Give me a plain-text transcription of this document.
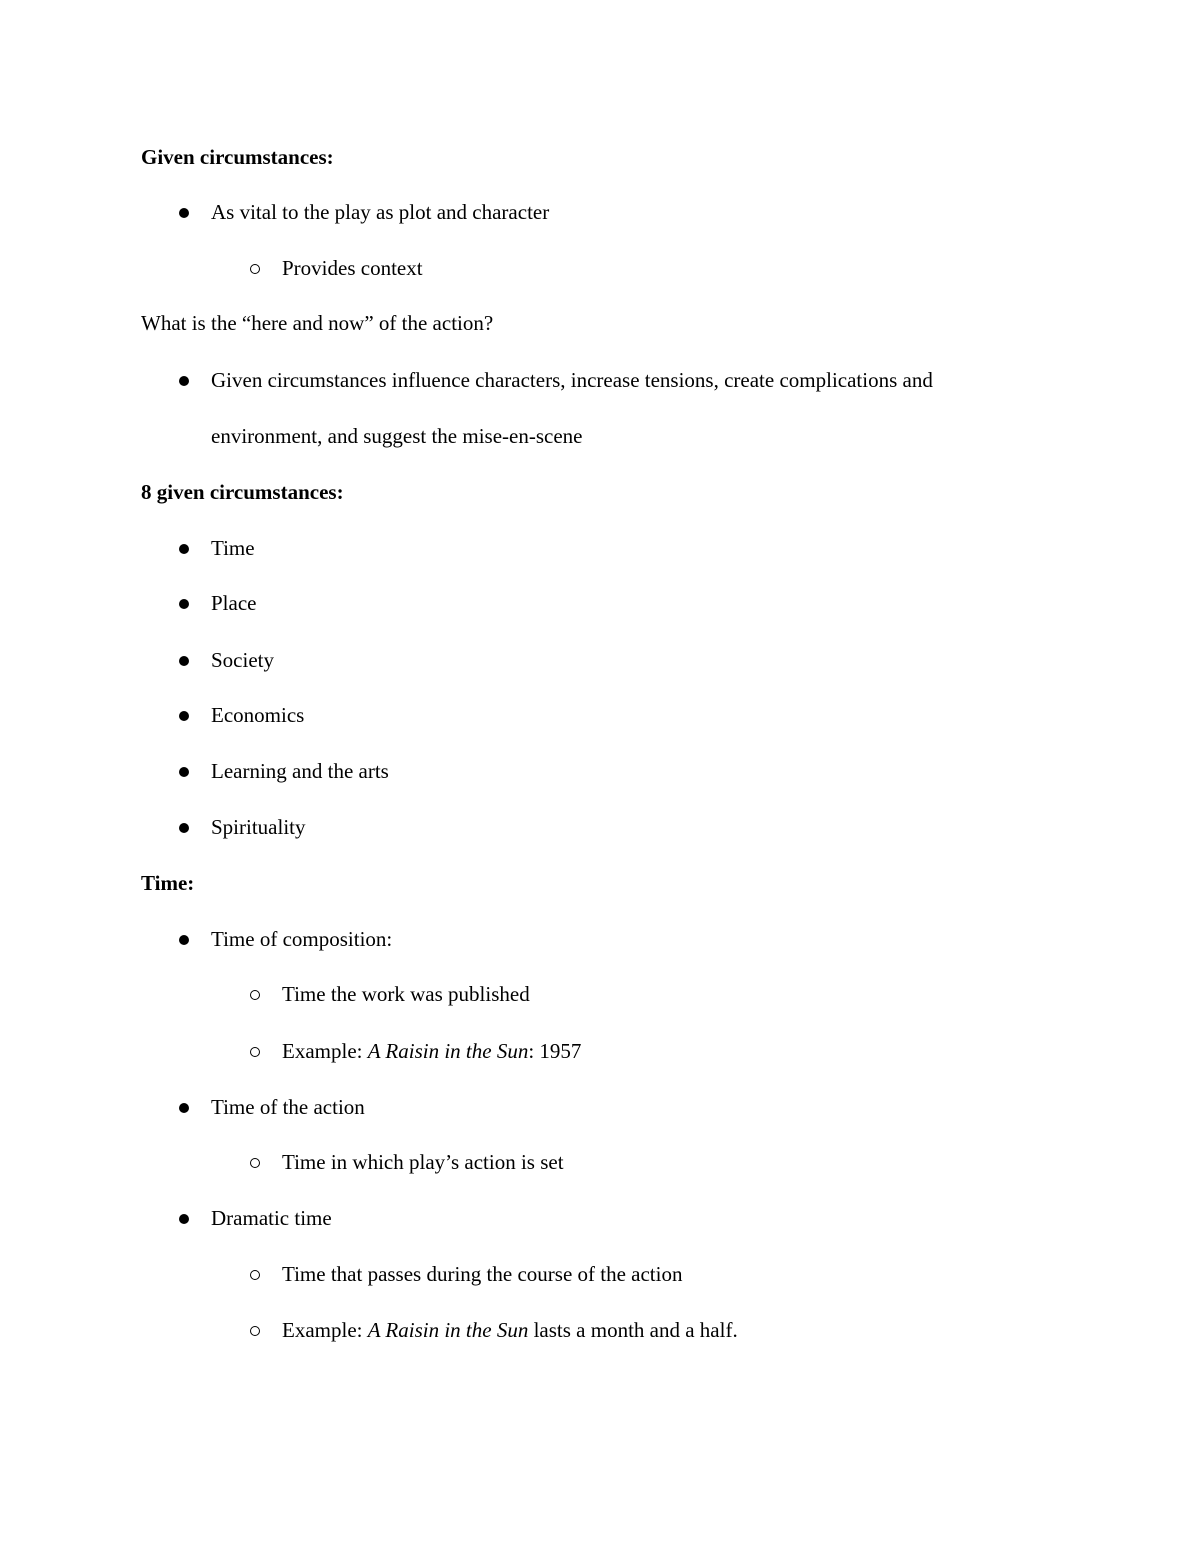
Given circumstances:
As vital to the play as plot and character
Provides context
What is the “here and now” of the action?
Given circumstances influence characters, increase tensions, create complications and
environment, and suggest the mise-en-scene
8 given circumstances:
Time
Place
Society
Economics
Learning and the arts
Spirituality
Time:
Time of composition:
Time the work was published
Example: A Raisin in the Sun: 1957
Time of the action
Time in which play’s action is set
Dramatic time
Time that passes during the course of the action
Example: A Raisin in the Sun lasts a month and a half.
